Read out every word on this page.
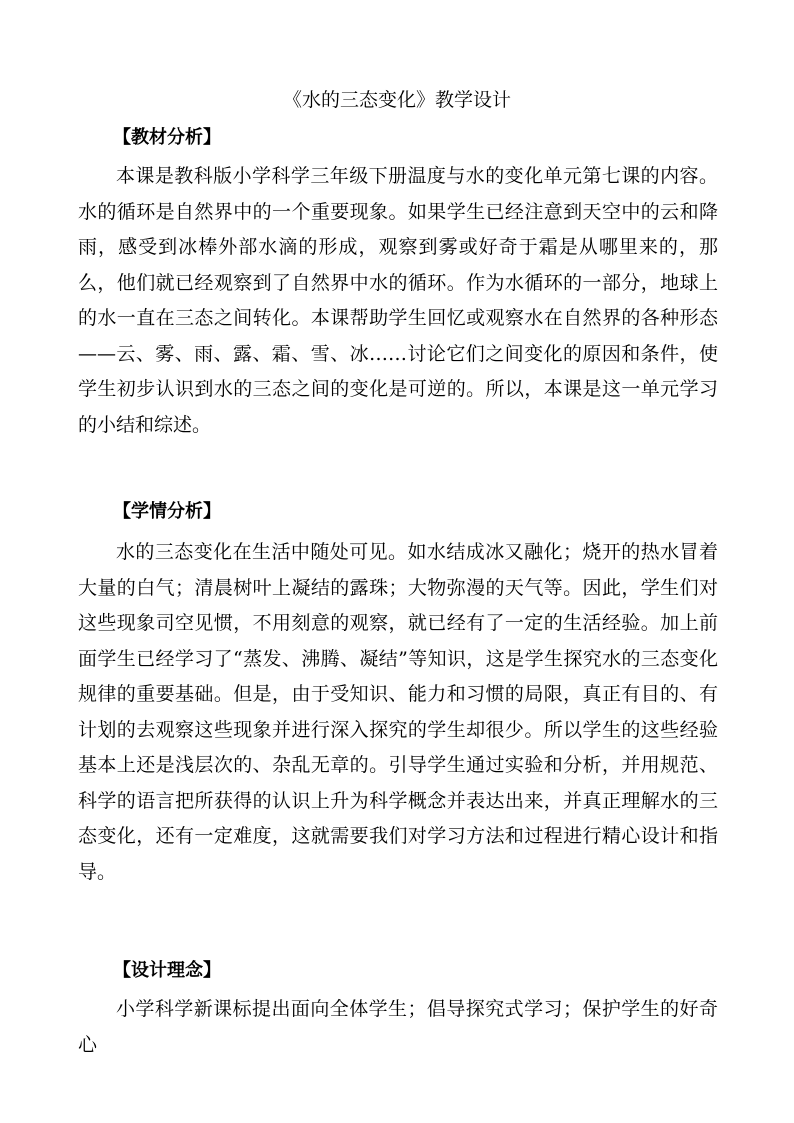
《水的三态变化》教学设计
【教材分析】

本课是教科版小学科学三年级下册温度与水的变化单元第七课的内容。水的循环是自然界中的一个重要现象。如果学生已经注意到天空中的云和降雨，感受到冰棒外部水滴的形成，观察到雾或好奇于霜是从哪里来的，那么，他们就已经观察到了自然界中水的循环。作为水循环的一部分，地球上的水一直在三态之间转化。本课帮助学生回忆或观察水在自然界的各种形态——云、雾、雨、露、霜、雪、冰……讨论它们之间变化的原因和条件，使学生初步认识到水的三态之间的变化是可逆的。所以，本课是这一单元学习的小结和综述。

【学情分析】

水的三态变化在生活中随处可见。如水结成冰又融化；烧开的热水冒着大量的白气；清晨树叶上凝结的露珠；大物弥漫的天气等。因此，学生们对这些现象司空见惯，不用刻意的观察，就已经有了一定的生活经验。加上前面学生已经学习了“蒸发、沸腾、凝结”等知识，这是学生探究水的三态变化规律的重要基础。但是，由于受知识、能力和习惯的局限，真正有目的、有计划的去观察这些现象并进行深入探究的学生却很少。所以学生的这些经验基本上还是浅层次的、杂乱无章的。引导学生通过实验和分析，并用规范、科学的语言把所获得的认识上升为科学概念并表达出来，并真正理解水的三态变化，还有一定难度，这就需要我们对学习方法和过程进行精心设计和指导。

【设计理念】

小学科学新课标提出面向全体学生；倡导探究式学习；保护学生的好奇心
